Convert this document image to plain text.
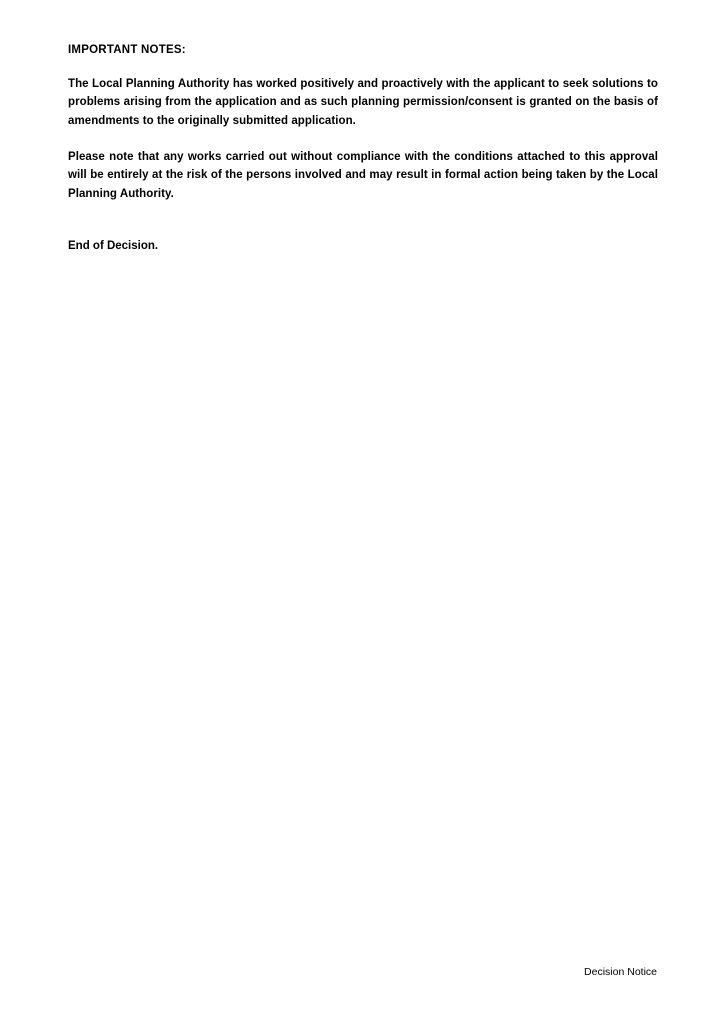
IMPORTANT NOTES:

The Local Planning Authority has worked positively and proactively with the applicant to seek solutions to problems arising from the application and as such planning permission/consent is granted on the basis of amendments to the originally submitted application.

Please note that any works carried out without compliance with the conditions attached to this approval will be entirely at the risk of the persons involved and may result in formal action being taken by the Local Planning Authority.

End of Decision.

Decision Notice
